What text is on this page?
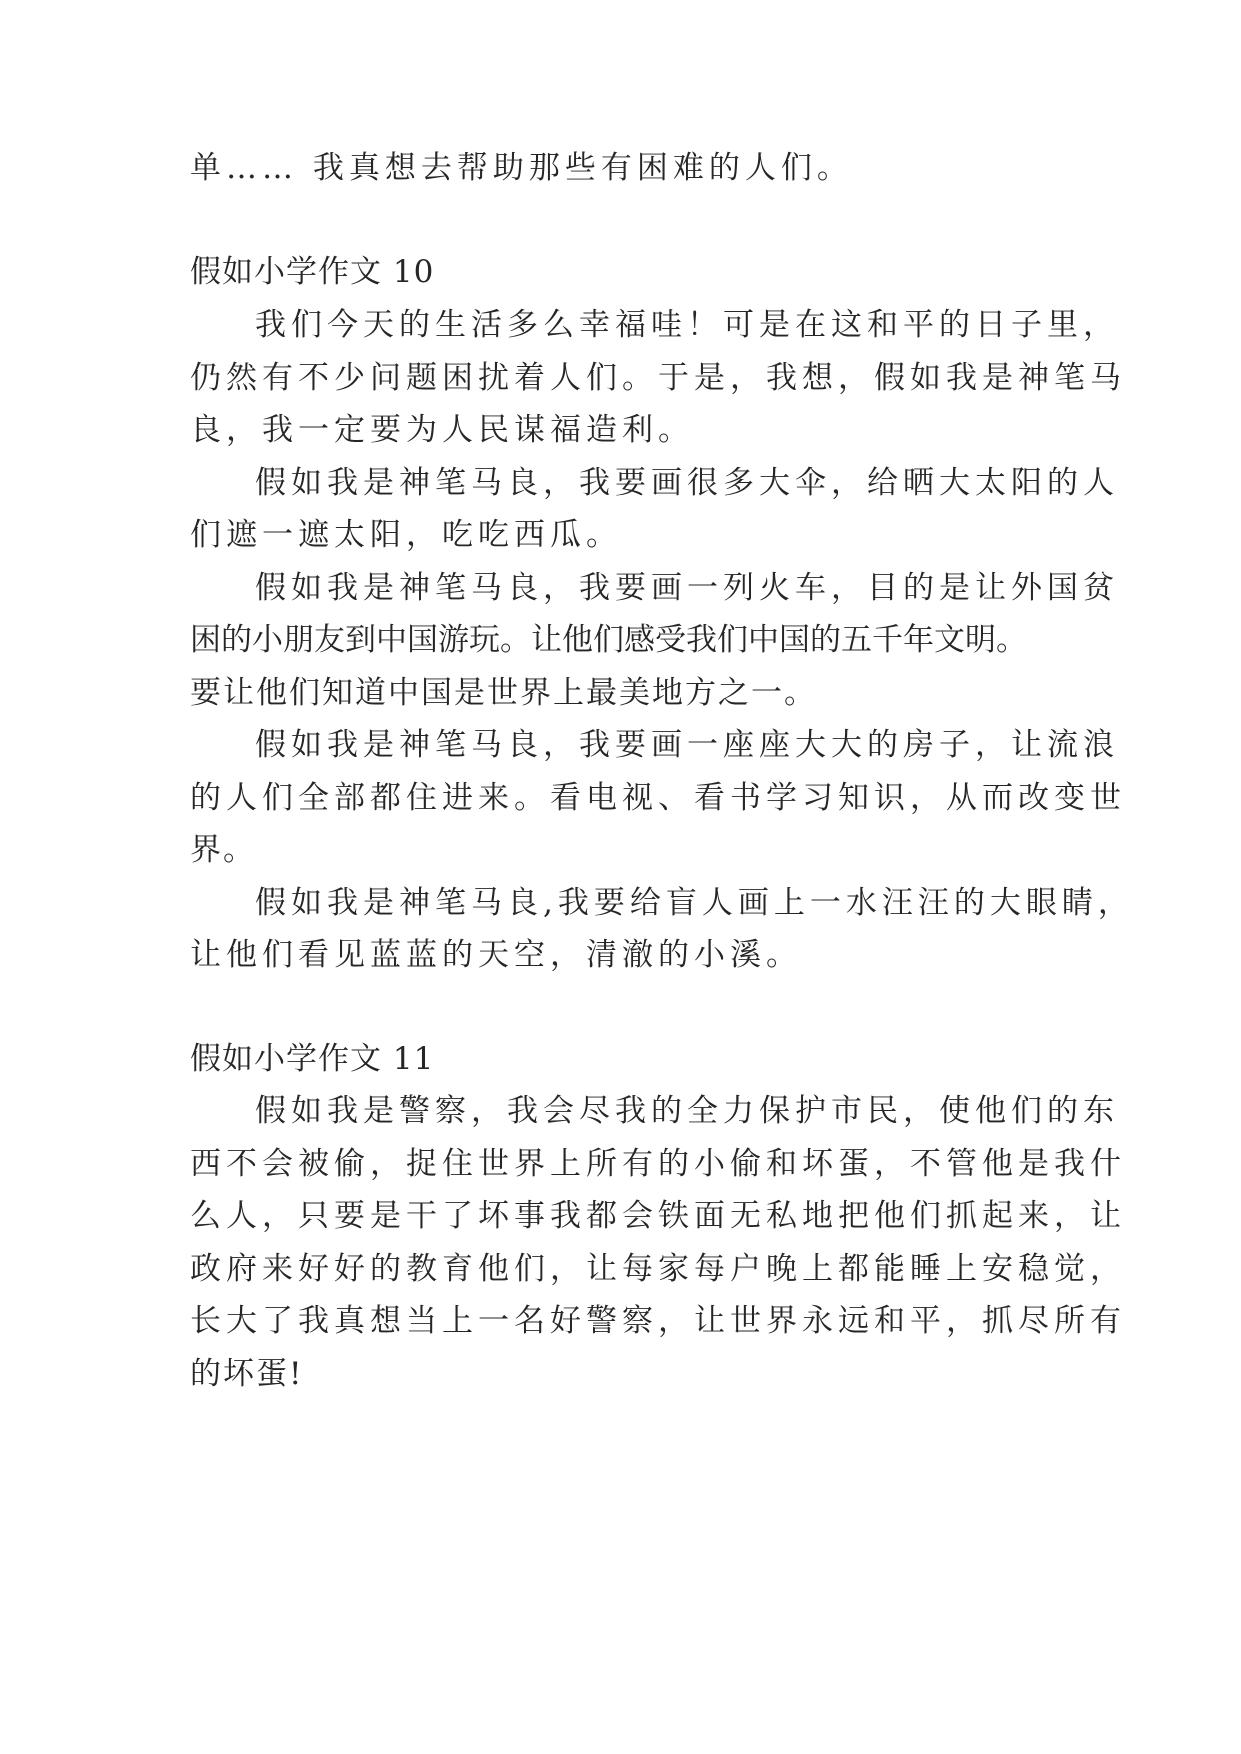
单…… 我真想去帮助那些有困难的人们。
假如小学作文 10
我们今天的生活多么幸福哇！可是在这和平的日子里，
仍然有不少问题困扰着人们。于是，我想，假如我是神笔马
良，我一定要为人民谋福造利。
假如我是神笔马良，我要画很多大伞，给晒大太阳的人
们遮一遮太阳，吃吃西瓜。
假如我是神笔马良，我要画一列火车，目的是让外国贫
困的小朋友到中国游玩。让他们感受我们中国的五千年文明。
要让他们知道中国是世界上最美地方之一。
假如我是神笔马良，我要画一座座大大的房子，让流浪
的人们全部都住进来。看电视、看书学习知识，从而改变世
界。
假如我是神笔马良,我要给盲人画上一水汪汪的大眼睛，
让他们看见蓝蓝的天空，清澈的小溪。
假如小学作文 11
假如我是警察，我会尽我的全力保护市民，使他们的东
西不会被偷，捉住世界上所有的小偷和坏蛋，不管他是我什
么人，只要是干了坏事我都会铁面无私地把他们抓起来，让
政府来好好的教育他们，让每家每户晚上都能睡上安稳觉，
长大了我真想当上一名好警察，让世界永远和平，抓尽所有
的坏蛋!
